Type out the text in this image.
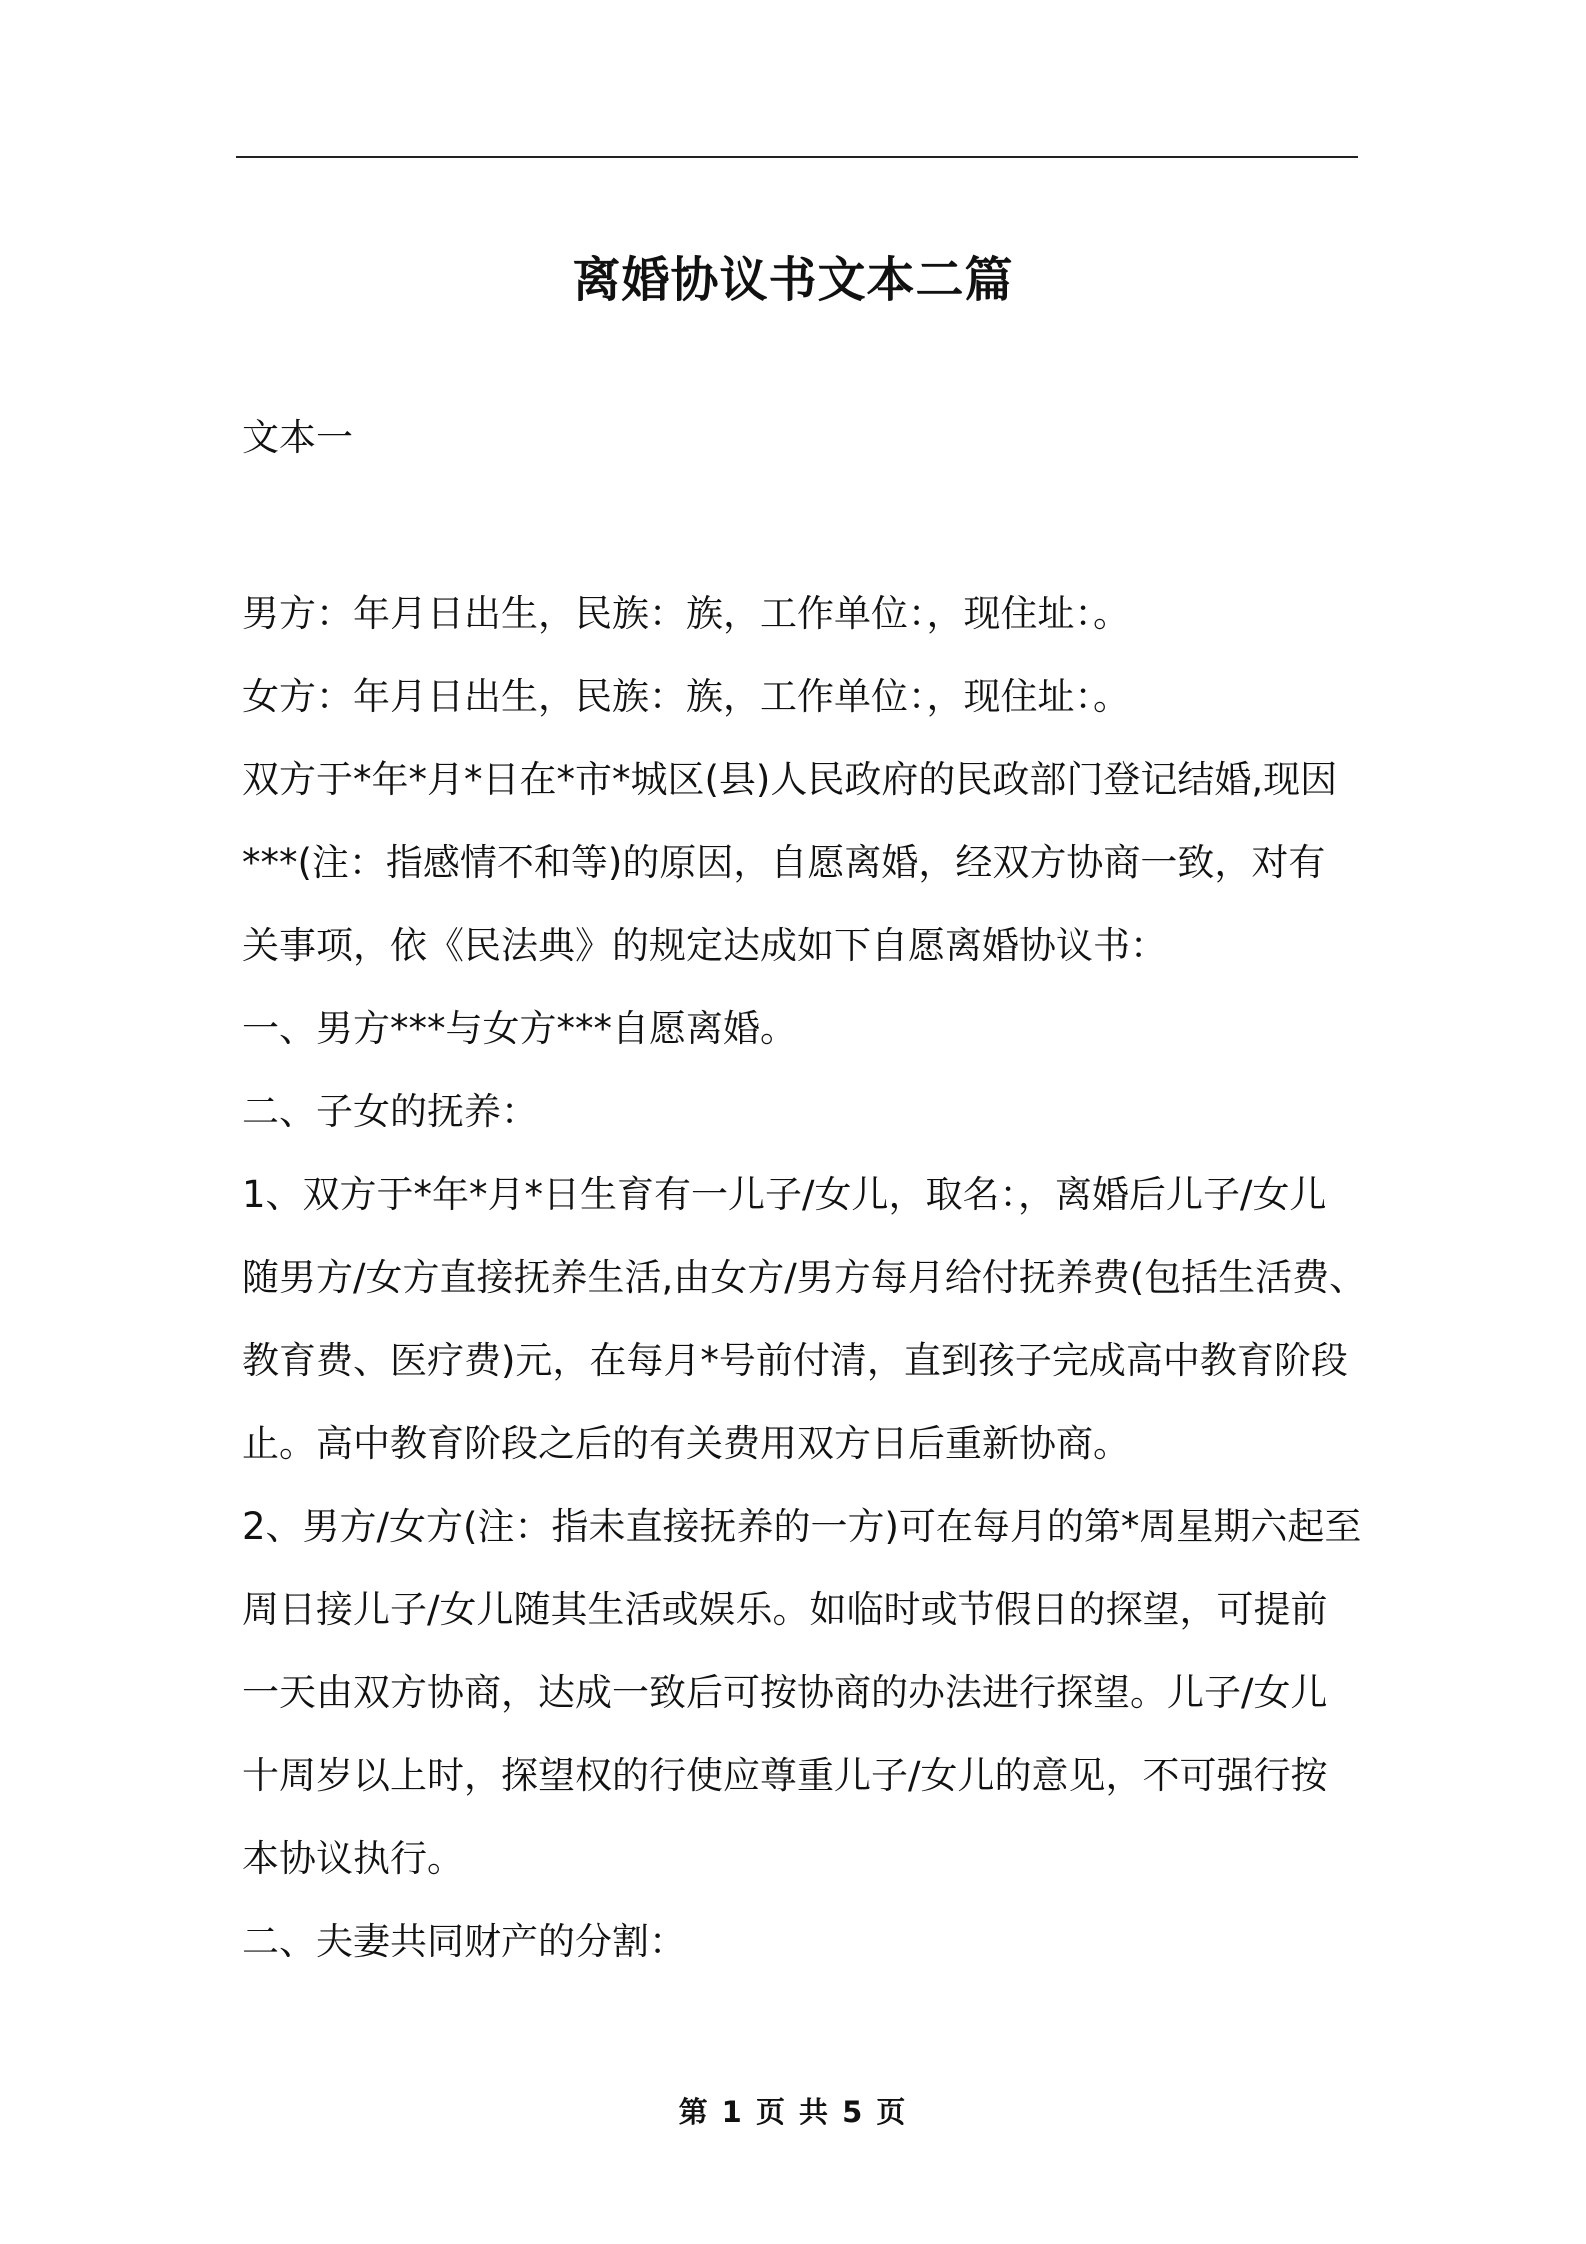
离婚协议书文本二篇
文本一

男方：年月日出生，民族：族，工作单位：，现住址：。

女方：年月日出生，民族：族，工作单位：，现住址：。

双方于*年*月*日在*市*城区(县)人民政府的民政部门登记结婚,现因

***(注：指感情不和等)的原因，自愿离婚，经双方协商一致，对有

关事项，依《民法典》的规定达成如下自愿离婚协议书：

一、男方***与女方***自愿离婚。

二、子女的抚养：

1、双方于*年*月*日生育有一儿子/女儿，取名：，离婚后儿子/女儿

随男方/女方直接抚养生活,由女方/男方每月给付抚养费(包括生活费、

教育费、医疗费)元，在每月*号前付清，直到孩子完成高中教育阶段

止。高中教育阶段之后的有关费用双方日后重新协商。

2、男方/女方(注：指未直接抚养的一方)可在每月的第*周星期六起至

周日接儿子/女儿随其生活或娱乐。如临时或节假日的探望，可提前

一天由双方协商，达成一致后可按协商的办法进行探望。儿子/女儿

十周岁以上时，探望权的行使应尊重儿子/女儿的意见，不可强行按

本协议执行。

二、夫妻共同财产的分割：

第 1 页 共 5 页
